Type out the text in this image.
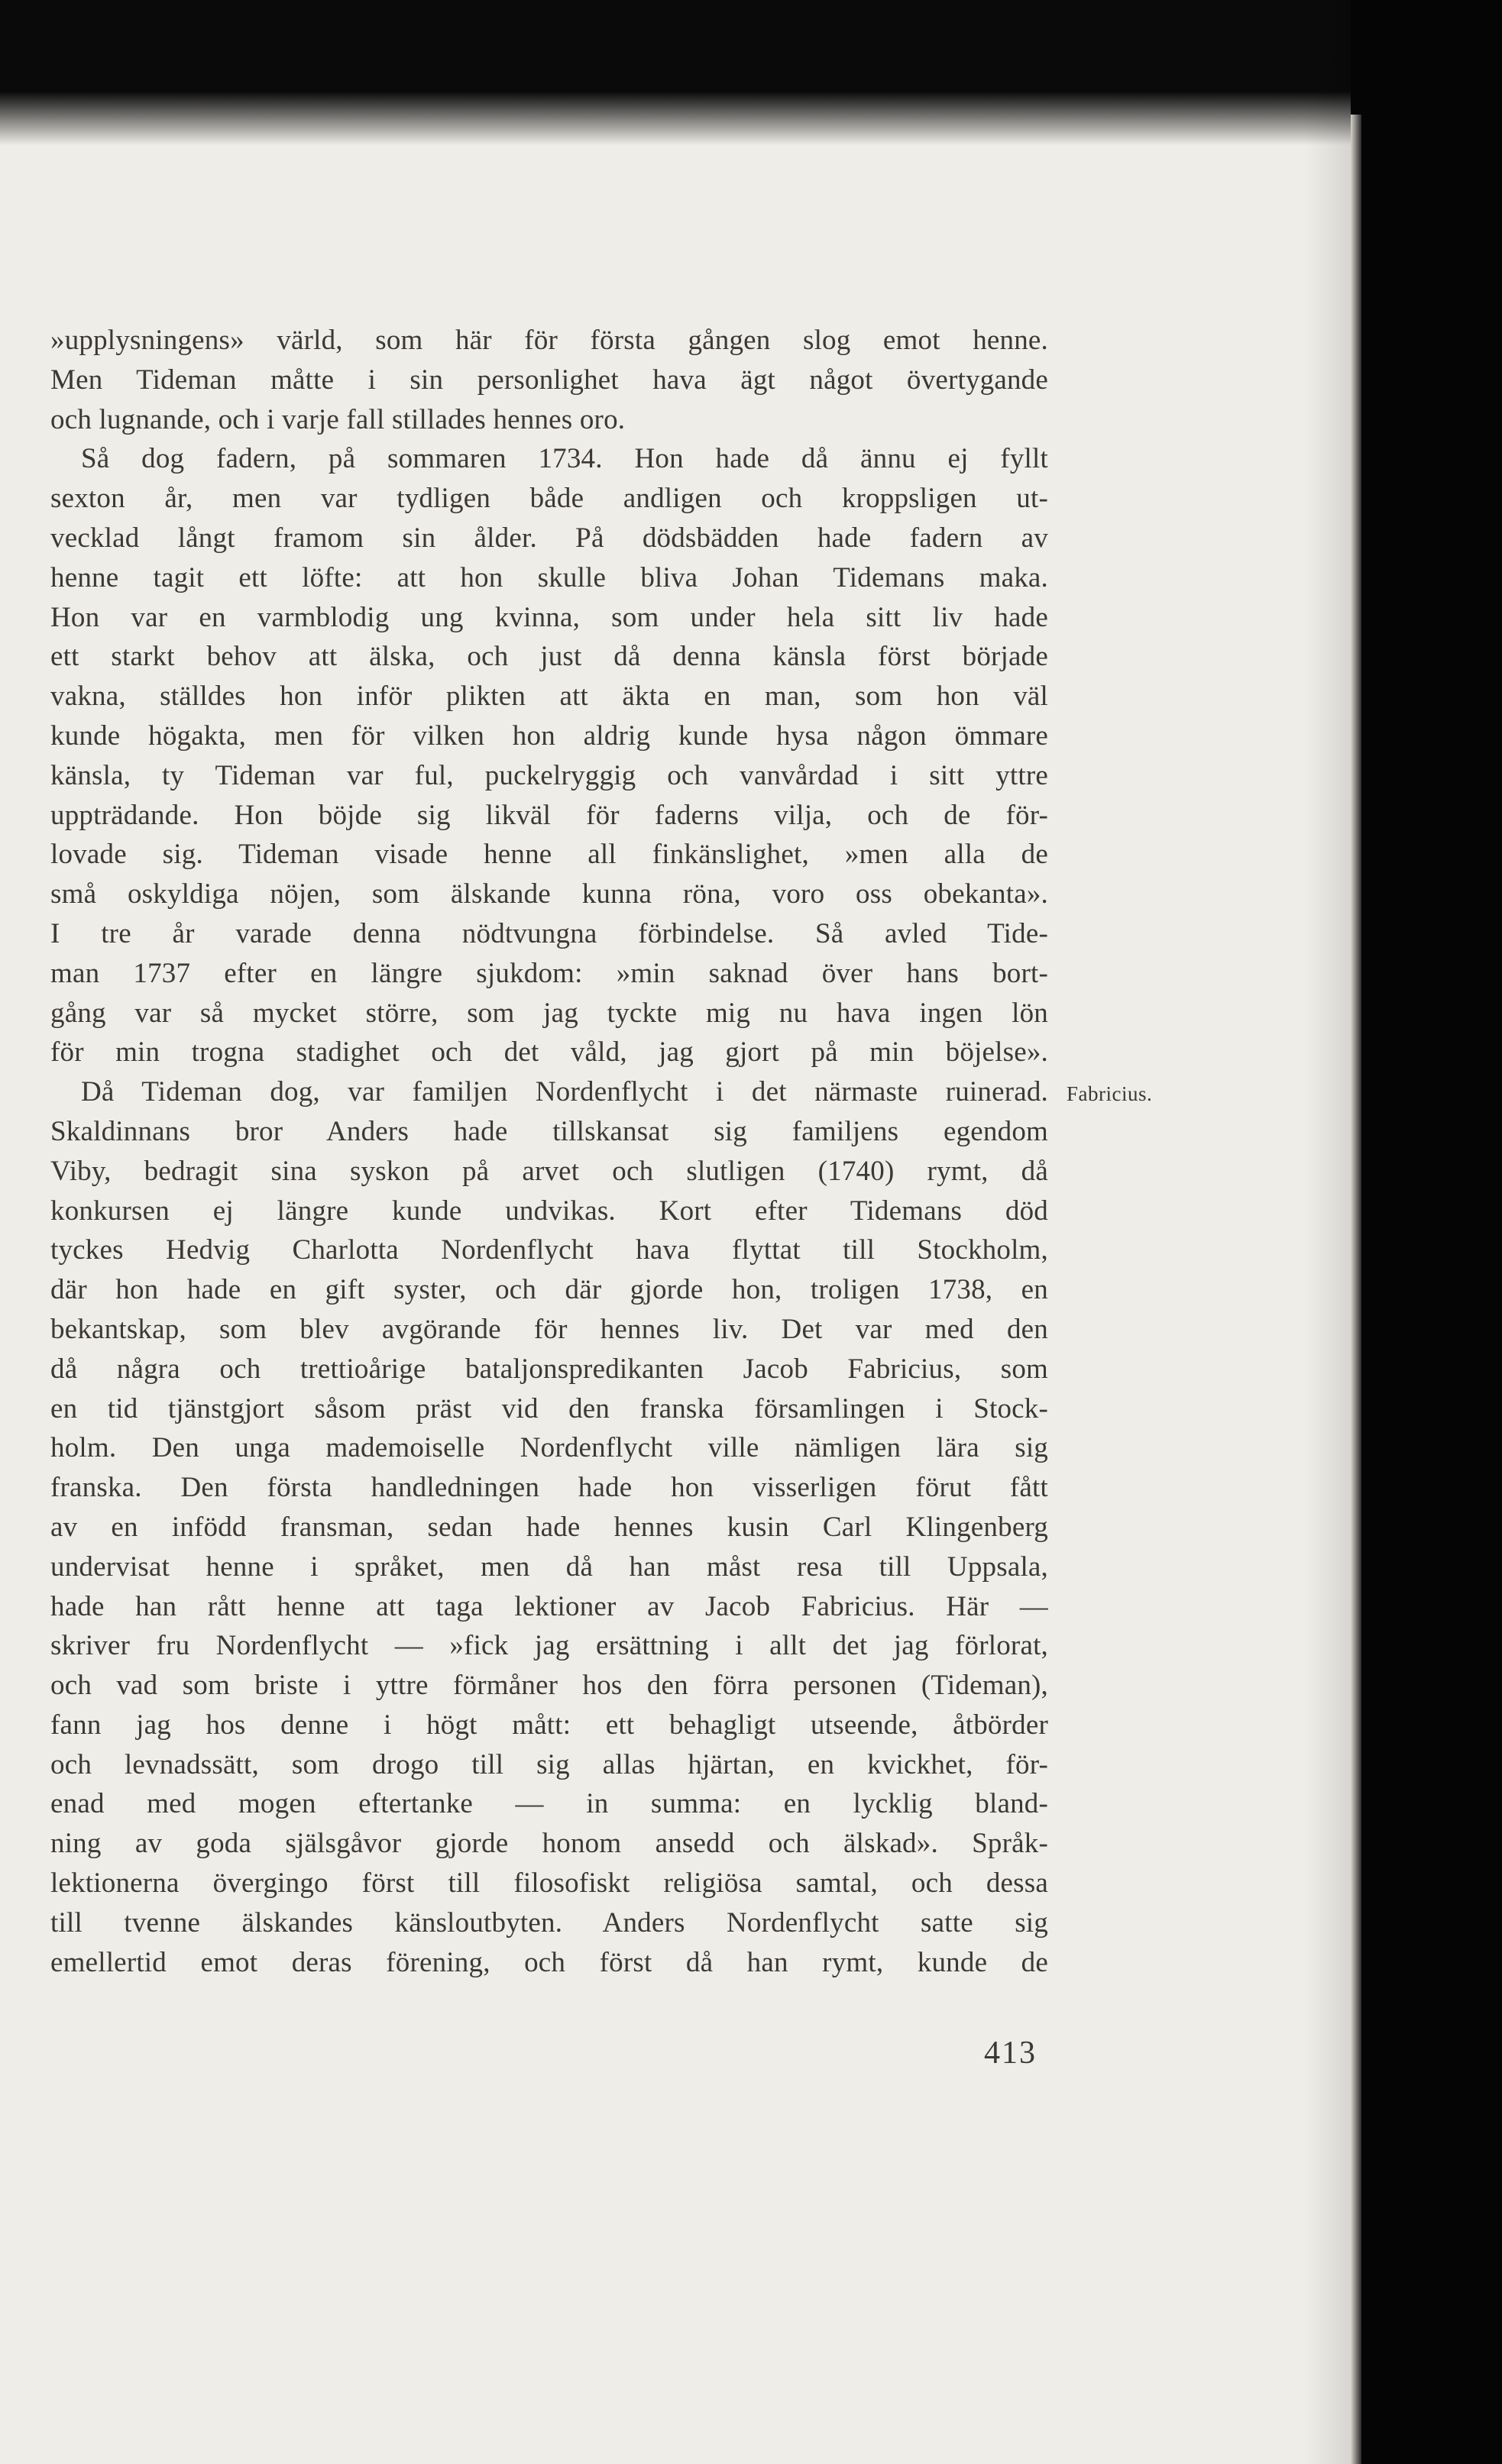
»upplysningens» värld, som här för första gången slog emot henne.
Men Tideman måtte i sin personlighet hava ägt något övertygande
och lugnande, och i varje fall stillades hennes oro.
Så dog fadern, på sommaren 1734. Hon hade då ännu ej fyllt
sexton år, men var tydligen både andligen och kroppsligen ut-
vecklad långt framom sin ålder. På dödsbädden hade fadern av
henne tagit ett löfte: att hon skulle bliva Johan Tidemans maka.
Hon var en varmblodig ung kvinna, som under hela sitt liv hade
ett starkt behov att älska, och just då denna känsla först började
vakna, ställdes hon inför plikten att äkta en man, som hon väl
kunde högakta, men för vilken hon aldrig kunde hysa någon ömmare
känsla, ty Tideman var ful, puckelryggig och vanvårdad i sitt yttre
uppträdande. Hon böjde sig likväl för faderns vilja, och de för-
lovade sig. Tideman visade henne all finkänslighet, »men alla de
små oskyldiga nöjen, som älskande kunna röna, voro oss obekanta».
I tre år varade denna nödtvungna förbindelse. Så avled Tide-
man 1737 efter en längre sjukdom: »min saknad över hans bort-
gång var så mycket större, som jag tyckte mig nu hava ingen lön
för min trogna stadighet och det våld, jag gjort på min böjelse».
Då Tideman dog, var familjen Nordenflycht i det närmaste ruinerad.
Skaldinnans bror Anders hade tillskansat sig familjens egendom
Viby, bedragit sina syskon på arvet och slutligen (1740) rymt, då
konkursen ej längre kunde undvikas. Kort efter Tidemans död
tyckes Hedvig Charlotta Nordenflycht hava flyttat till Stockholm,
där hon hade en gift syster, och där gjorde hon, troligen 1738, en
bekantskap, som blev avgörande för hennes liv. Det var med den
då några och trettioårige bataljonspredikanten Jacob Fabricius, som
en tid tjänstgjort såsom präst vid den franska församlingen i Stock-
holm. Den unga mademoiselle Nordenflycht ville nämligen lära sig
franska. Den första handledningen hade hon visserligen förut fått
av en infödd fransman, sedan hade hennes kusin Carl Klingenberg
undervisat henne i språket, men då han måst resa till Uppsala,
hade han rått henne att taga lektioner av Jacob Fabricius. Här —
skriver fru Nordenflycht — »fick jag ersättning i allt det jag förlorat,
och vad som briste i yttre förmåner hos den förra personen (Tideman),
fann jag hos denne i högt mått: ett behagligt utseende, åtbörder
och levnadssätt, som drogo till sig allas hjärtan, en kvickhet, för-
enad med mogen eftertanke — in summa: en lycklig bland-
ning av goda själsgåvor gjorde honom ansedd och älskad». Språk-
lektionerna övergingo först till filosofiskt religiösa samtal, och dessa
till tvenne älskandes känsloutbyten. Anders Nordenflycht satte sig
emellertid emot deras förening, och först då han rymt, kunde de
Fabricius.
413
